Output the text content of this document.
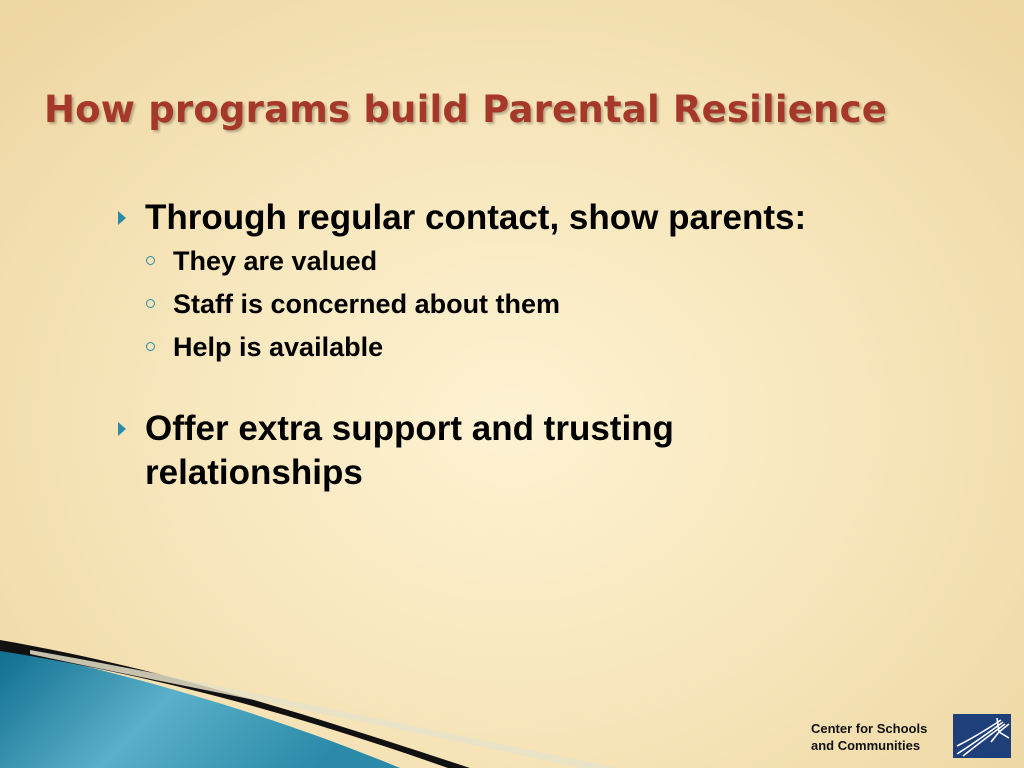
How programs build Parental Resilience
Through regular contact, show parents:
They are valued
Staff is concerned about them
Help is available
Offer extra support and trusting relationships
Center for Schools
and Communities
